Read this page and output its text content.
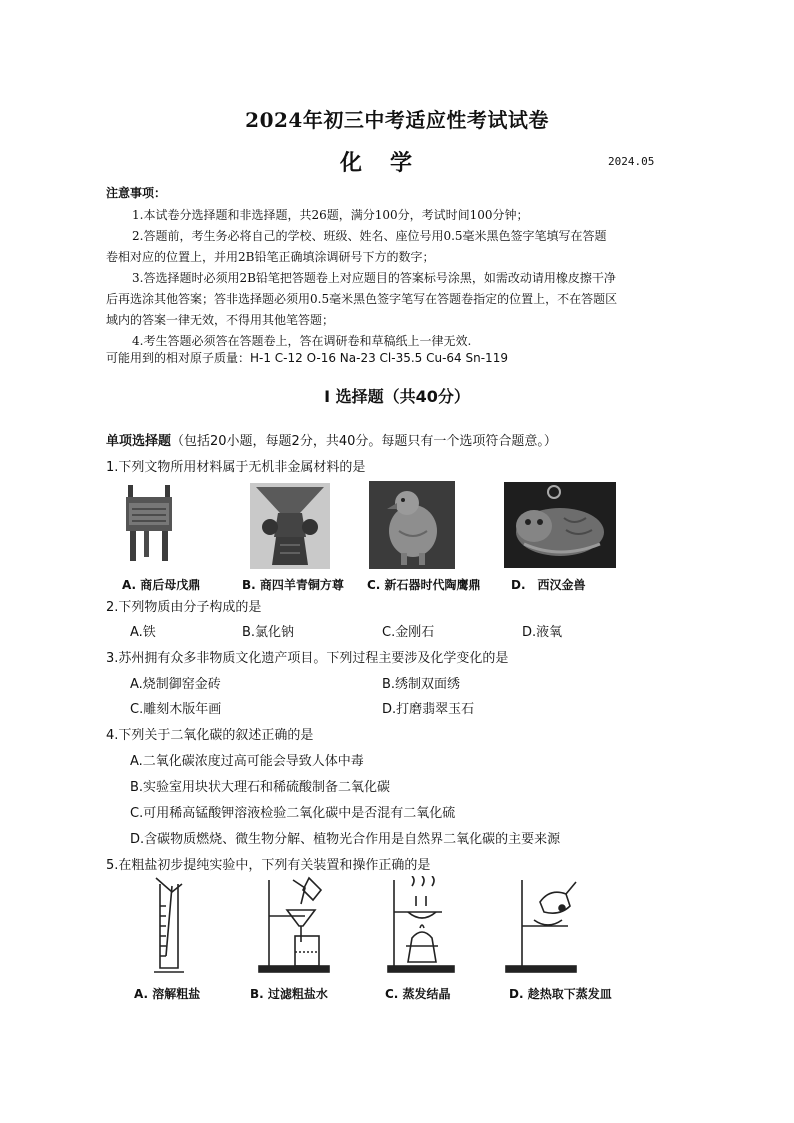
2024年初三中考适应性考试试卷
化学	2024.05
注意事项：
1.本试卷分选择题和非选择题，共26题，满分100分，考试时间100分钟；
2.答题前，考生务必将自己的学校、班级、姓名、座位号用0.5毫米黑色签字笔填写在答题
卷相对应的位置上，并用2B铅笔正确填涂调研号下方的数字；
3.答选择题时必须用2B铅笔把答题卷上对应题目的答案标号涂黑，如需改动请用橡皮擦干净
后再选涂其他答案；答非选择题必须用0.5毫米黑色签字笔写在答题卷指定的位置上，不在答题区
域内的答案一律无效，不得用其他笔答题；
4.考生答题必须答在答题卷上，答在调研卷和草稿纸上一律无效.
可能用到的相对原子质量：H-1 C-12 O-16 Na-23 Cl-35.5 Cu-64 Sn-119
Ⅰ 选择题（共40分）
单项选择题（包括20小题，每题2分，共40分。每题只有一个选项符合题意。）
1.下列文物所用材料属于无机非金属材料的是
A. 商后母戊鼎	B. 商四羊青铜方尊 C. 新石器时代陶鹰鼎	D.　西汉金兽
2.下列物质由分子构成的是
A.铁	B.氯化钠	C.金刚石	D.液氧
3.苏州拥有众多非物质文化遗产项目。下列过程主要涉及化学变化的是
A.烧制御窑金砖	B.绣制双面绣
C.雕刻木版年画	D.打磨翡翠玉石
4.下列关于二氧化碳的叙述正确的是
A.二氧化碳浓度过高可能会导致人体中毒
B.实验室用块状大理石和稀硫酸制备二氧化碳
C.可用稀高锰酸钾溶液检验二氧化碳中是否混有二氧化硫
D.含碳物质燃烧、微生物分解、植物光合作用是自然界二氧化碳的主要来源
5.在粗盐初步提纯实验中，下列有关装置和操作正确的是
A. 溶解粗盐	B. 过滤粗盐水	C. 蒸发结晶	D. 趁热取下蒸发皿
